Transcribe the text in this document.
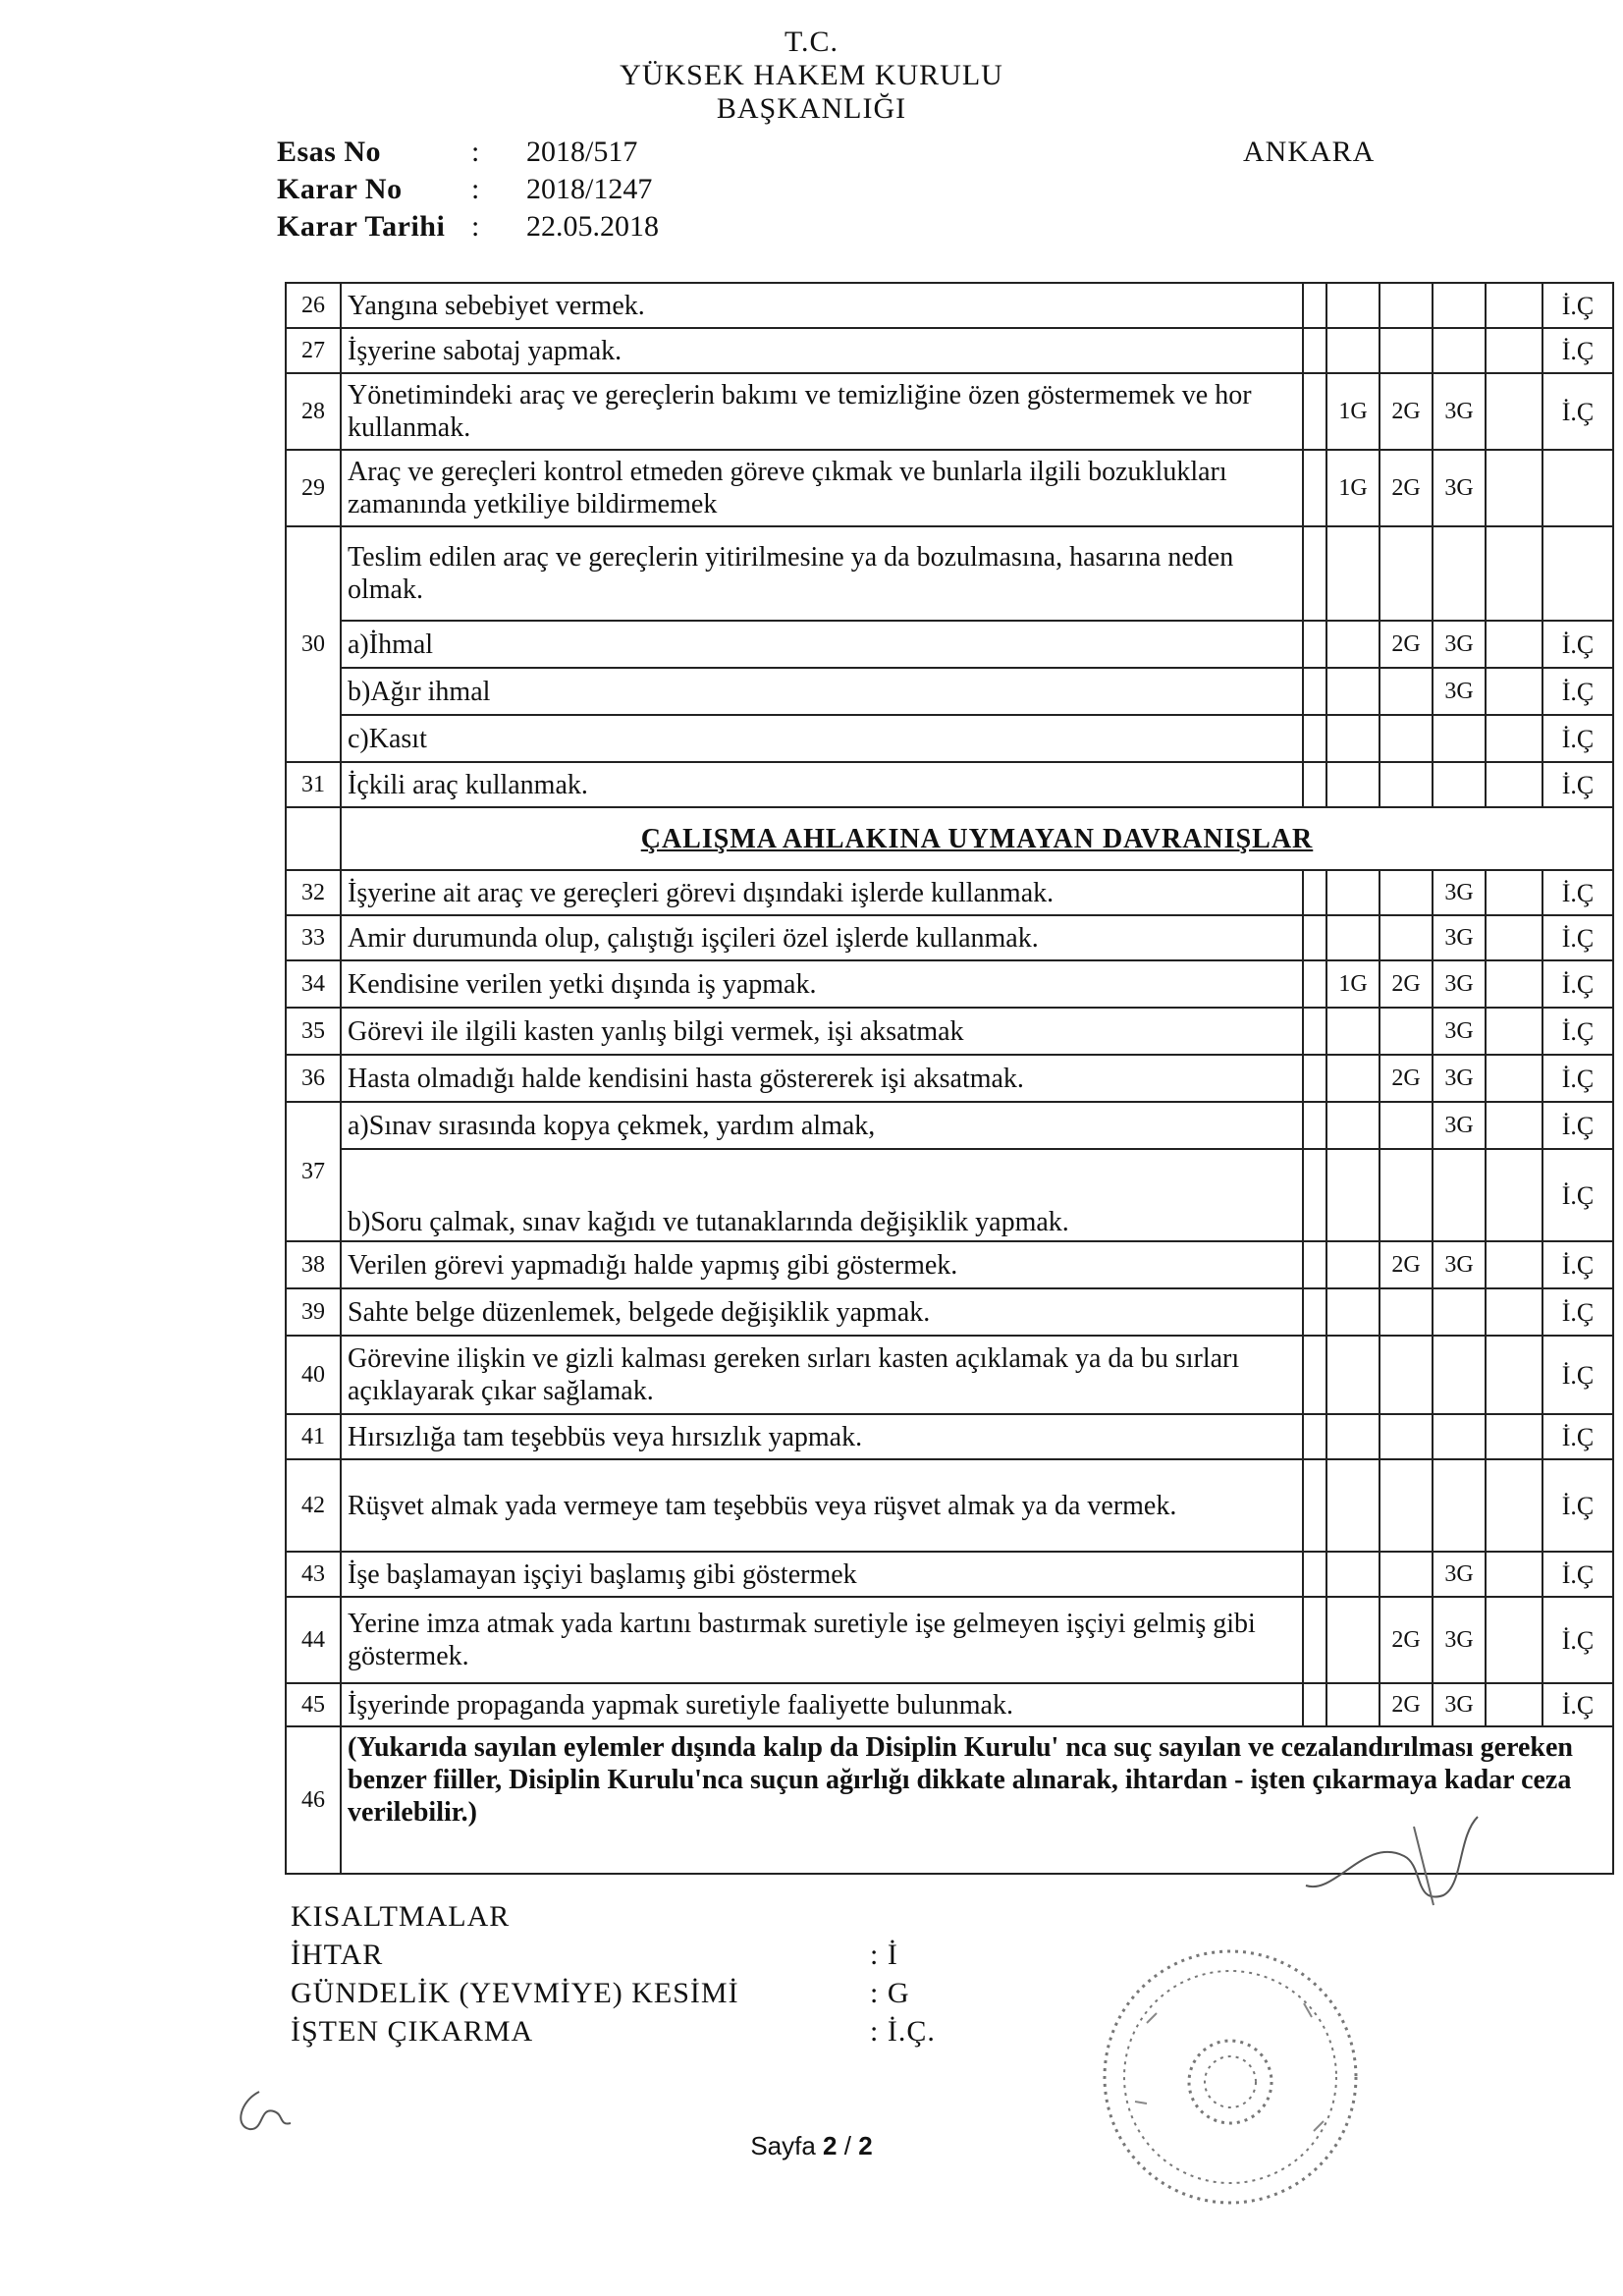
T.C.
YÜKSEK HAKEM KURULU
BAŞKANLIĞI
Esas No	:	2018/517
Karar No	:	2018/1247
Karar Tarihi :	22.05.2018
ANKARA
26	Yangına sebebiyet vermek.						İ.Ç
27	İşyerine sabotaj yapmak.						İ.Ç
28	Yönetimindeki araç ve gereçlerin bakımı ve temizliğine özen göstermemek ve hor kullanmak.		1G	2G	3G		İ.Ç
29	Araç ve gereçleri kontrol etmeden göreve çıkmak ve bunlarla ilgili bozuklukları zamanında yetkiliye bildirmemek		1G	2G	3G		
30	Teslim edilen araç ve gereçlerin yitirilmesine ya da bozulmasına, hasarına neden olmak.						
	a)İhmal			2G	3G		İ.Ç
	b)Ağır ihmal				3G		İ.Ç
	c)Kasıt						İ.Ç
31	İçkili araç kullanmak.						İ.Ç
	ÇALIŞMA AHLAKINA UYMAYAN DAVRANIŞLAR						
32	İşyerine ait araç ve gereçleri görevi dışındaki işlerde kullanmak.				3G		İ.Ç
33	Amir durumunda olup, çalıştığı işçileri özel işlerde kullanmak.				3G		İ.Ç
34	Kendisine verilen yetki dışında iş yapmak.		1G	2G	3G		İ.Ç
35	Görevi ile ilgili kasten yanlış bilgi vermek, işi aksatmak				3G		İ.Ç
36	Hasta olmadığı halde kendisini hasta göstererek işi aksatmak.			2G	3G		İ.Ç
37	a)Sınav sırasında kopya çekmek, yardım almak,				3G		İ.Ç
	b)Soru çalmak, sınav kağıdı ve tutanaklarında değişiklik yapmak.						İ.Ç
38	Verilen görevi yapmadığı halde yapmış gibi göstermek.			2G	3G		İ.Ç
39	Sahte belge düzenlemek, belgede değişiklik yapmak.						İ.Ç
40	Görevine ilişkin ve gizli kalması gereken sırları kasten açıklamak ya da bu sırları açıklayarak çıkar sağlamak.						İ.Ç
41	Hırsızlığa tam teşebbüs veya hırsızlık yapmak.						İ.Ç
42	Rüşvet almak yada vermeye tam teşebbüs veya rüşvet almak ya da vermek.						İ.Ç
43	İşe başlamayan işçiyi başlamış gibi göstermek				3G		İ.Ç
44	Yerine imza atmak yada kartını bastırmak suretiyle işe gelmeyen işçiyi gelmiş gibi göstermek.			2G	3G		İ.Ç
45	İşyerinde propaganda yapmak suretiyle faaliyette bulunmak.			2G	3G		İ.Ç
46	(Yukarıda sayılan eylemler dışında kalıp da Disiplin Kurulu' nca suç sayılan ve cezalandırılması gereken benzer fiiller, Disiplin Kurulu'nca suçun ağırlığı dikkate alınarak, ihtardan - işten çıkarmaya kadar ceza verilebilir.)						
KISALTMALAR
İHTAR	: İ
GÜNDELİK (YEVMİYE) KESİMİ	: G
İŞTEN ÇIKARMA	: İ.Ç.
Sayfa 2 / 2
